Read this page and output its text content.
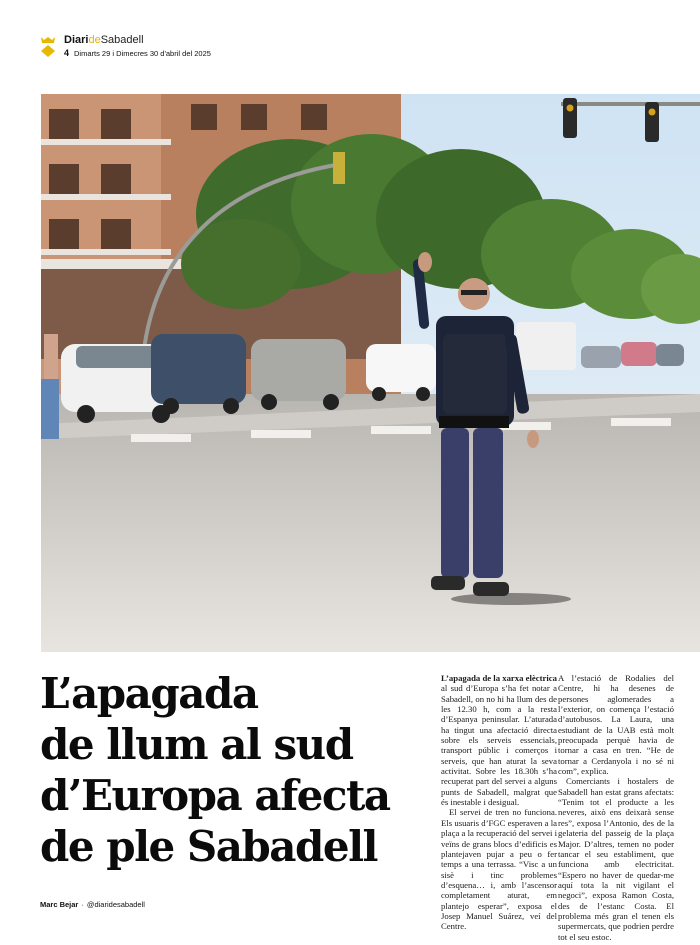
DiarideSabadell
4 Dimarts 29 i Dimecres 30 d'abril del 2025
L’apagada
de llum al sud
d’Europa afecta
de ple Sabadell
Marc Bejar · @diaridesabadell

L’apagada de la xarxa elèctrica al sud d’Europa s’ha fet notar a Sabadell, on no hi ha llum des de les 12.30 h, com a la resta d’Espanya peninsular. L’aturada ha tingut una afectació directa sobre els serveis essencials, transport públic i comerços i serveis, que han aturat la seva activitat. Sobre les 18.30h s’ha recuperat part del servei a alguns punts de Sabadell, malgrat que és inestable i desigual.

El servei de tren no funciona. Els usuaris d’FGC esperaven a la plaça a la recuperació del servei i veïns de grans blocs d’edificis es plantejaven pujar a peu o fer temps a una terrassa. “Visc a un sisè i tinc problemes d’esquena… i, amb l’ascensor completament aturat, em plantejo esperar”, exposa el Josep Manuel Suárez, veí del Centre.

A l’estació de Rodalies del Centre, hi ha desenes de persones aglomerades a l’exterior, on comença l’estació d’autobusos. La Laura, una estudiant de la UAB està molt preocupada perquè havia de tornar a casa en tren. “He de tornar a Cerdanyola i no sé ni com”, explica.

Comerciants i hostalers de Sabadell han estat grans afectats: “Tenim tot el producte a les neveres, això ens deixarà sense res”, exposa l’Antonio, des de la gelateria del passeig de la plaça Major. D’altres, temen no poder tancar el seu establiment, que funciona amb electricitat. “Espero no haver de quedar-me aquí tota la nit vigilant el negoci”, exposa Ramon Costa, des de l’estanc Costa. El problema més gran el tenen els supermercats, que podrien perdre tot el seu estoc.
